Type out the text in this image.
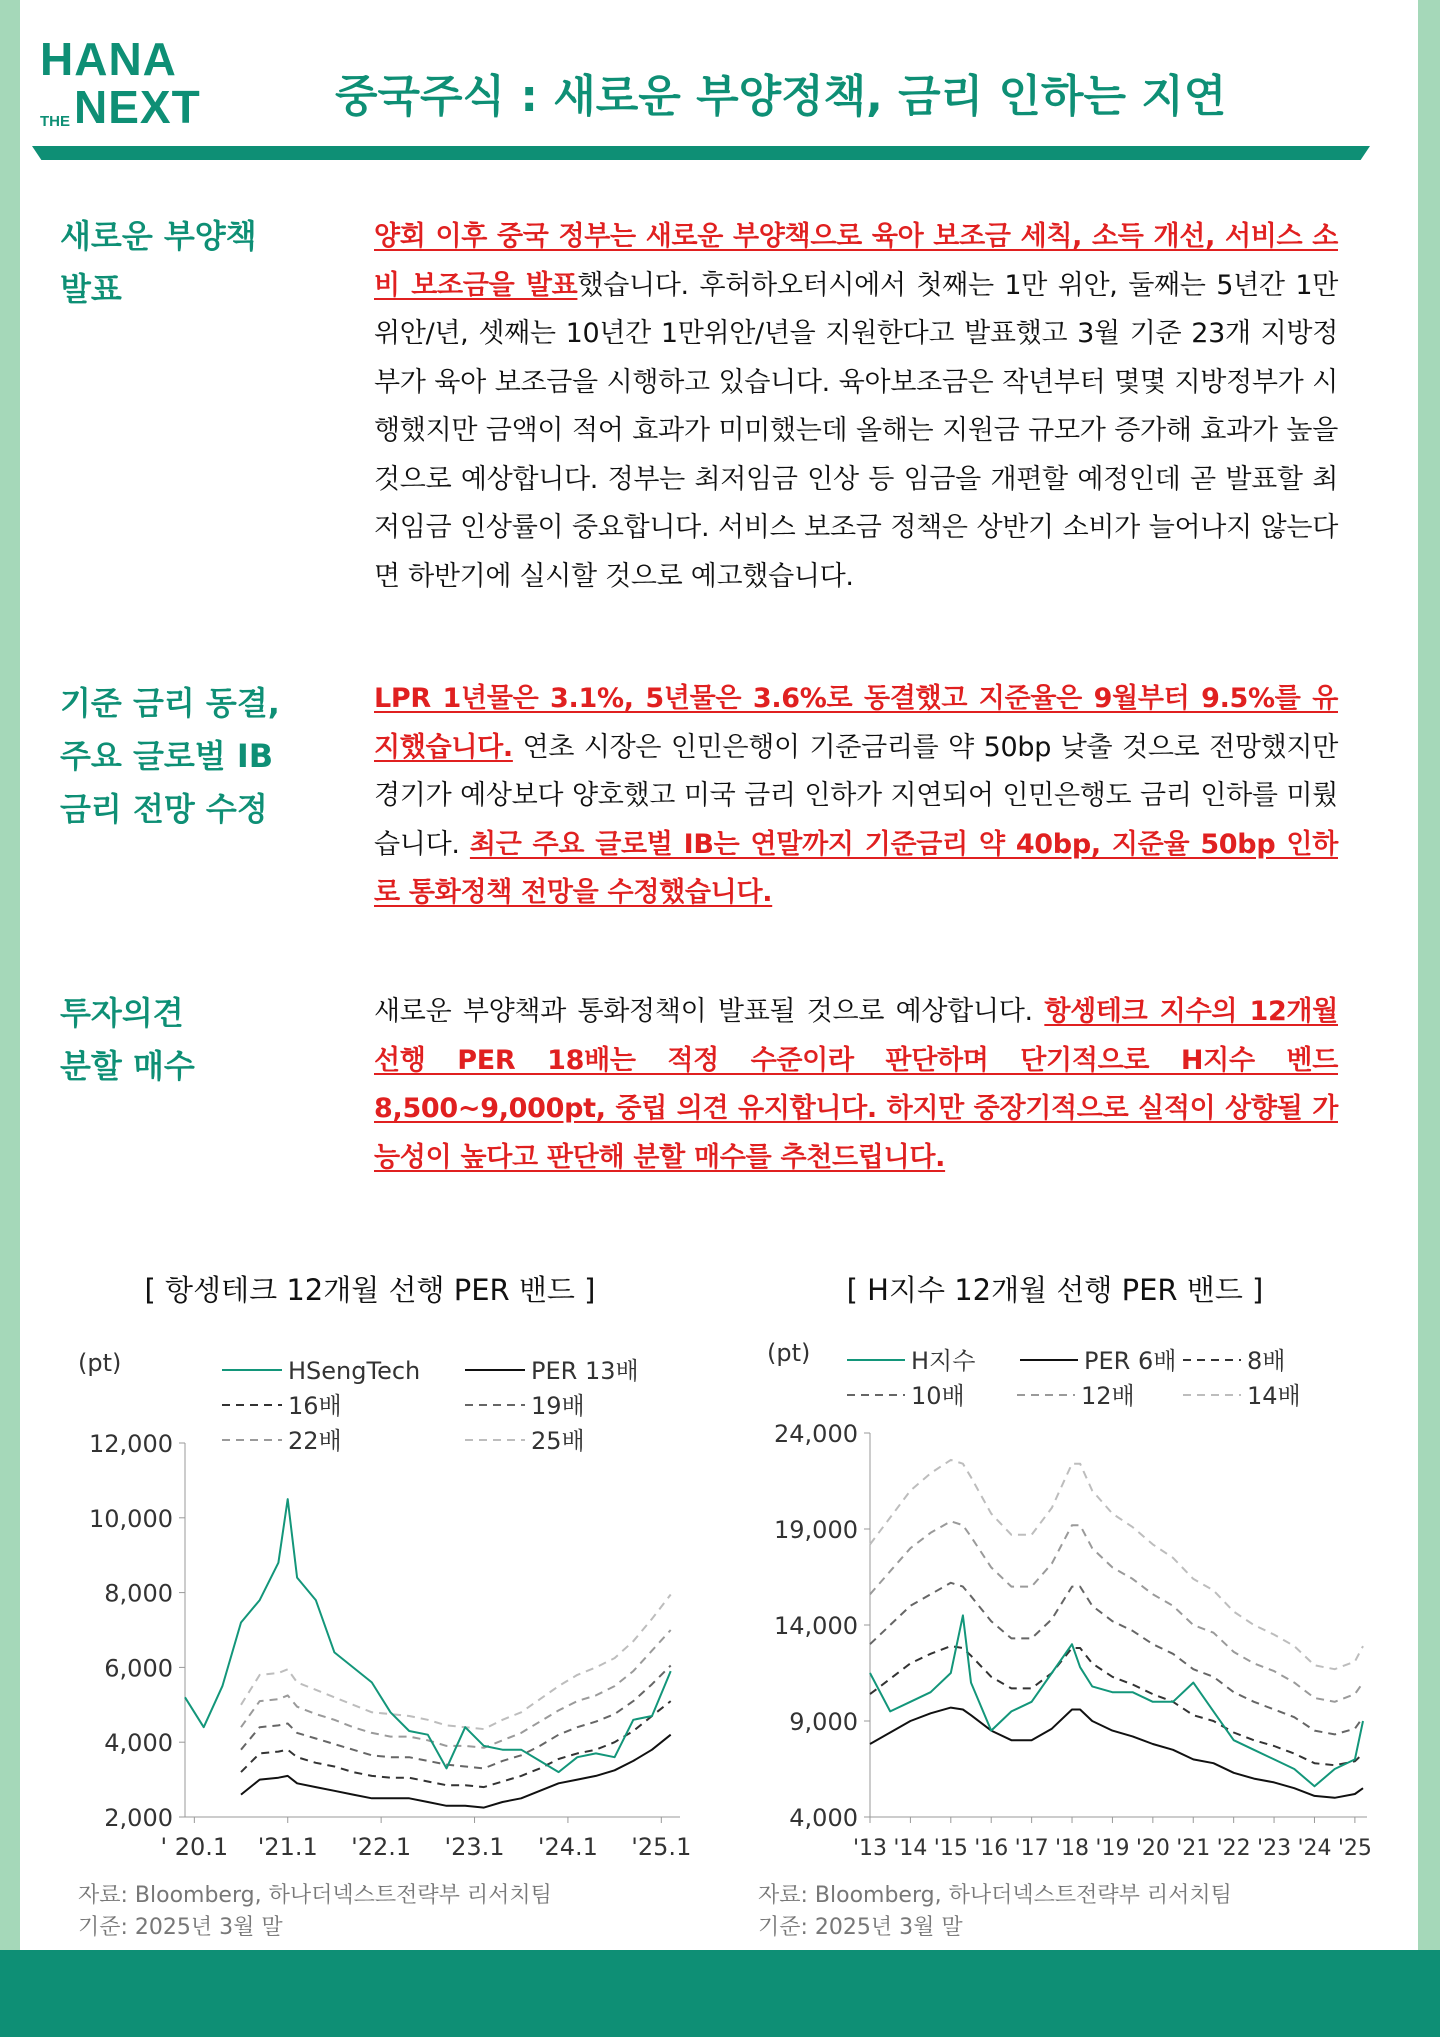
HANA
THE NEXT	중국주식 : 새로운 부양정책, 금리 인하는 지연
새로운 부양책
발표
양회 이후 중국 정부는 새로운 부양책으로 육아 보조금 세칙, 소득 개선, 서비스 소비 보조금을 발표했습니다. 후허하오터시에서 첫째는 1만 위안, 둘째는 5년간 1만위안/년, 셋째는 10년간 1만위안/년을 지원한다고 발표했고 3월 기준 23개 지방정부가 육아 보조금을 시행하고 있습니다. 육아보조금은 작년부터 몇몇 지방정부가 시행했지만 금액이 적어 효과가 미미했는데 올해는 지원금 규모가 증가해 효과가 높을 것으로 예상합니다. 정부는 최저임금 인상 등 임금을 개편할 예정인데 곧 발표할 최저임금 인상률이 중요합니다. 서비스 보조금 정책은 상반기 소비가 늘어나지 않는다면 하반기에 실시할 것으로 예고했습니다.
기준 금리 동결,
주요 글로벌 IB
금리 전망 수정
LPR 1년물은 3.1%, 5년물은 3.6%로 동결했고 지준율은 9월부터 9.5%를 유지했습니다. 연초 시장은 인민은행이 기준금리를 약 50bp 낮출 것으로 전망했지만 경기가 예상보다 양호했고 미국 금리 인하가 지연되어 인민은행도 금리 인하를 미뤘습니다. 최근 주요 글로벌 IB는 연말까지 기준금리 약 40bp, 지준율 50bp 인하로 통화정책 전망을 수정했습니다.
투자의견
분할 매수
새로운 부양책과 통화정책이 발표될 것으로 예상합니다. 항셍테크 지수의 12개월 선행 PER 18배는 적정 수준이라 판단하며 단기적으로 H지수 벤드 8,500~9,000pt, 중립 의견 유지합니다. 하지만 중장기적으로 실적이 상향될 가능성이 높다고 판단해 분할 매수를 추천드립니다.
[ 항셍테크 12개월 선행 PER 밴드 ]	[ H지수 12개월 선행 PER 밴드 ]
2,000
4,000
6,000
8,000
10,000
12,000
' 20.1 '21.1 '22.1 '23.1 '24.1 '25.1
(pt)	HSengTech	PER 13배
16배	19배
22배	25배
4,000
9,000
14,000
19,000
24,000
'13 '14 '15 '16 '17 '18 '19 '20 '21 '22 '23 '24 '25
(pt)	H지수	PER 6배	8배
10배	12배	14배
자료: Bloomberg, 하나더넥스트전략부 리서치팀
기준: 2025년 3월 말
자료: Bloomberg, 하나더넥스트전략부 리서치팀
기준: 2025년 3월 말
